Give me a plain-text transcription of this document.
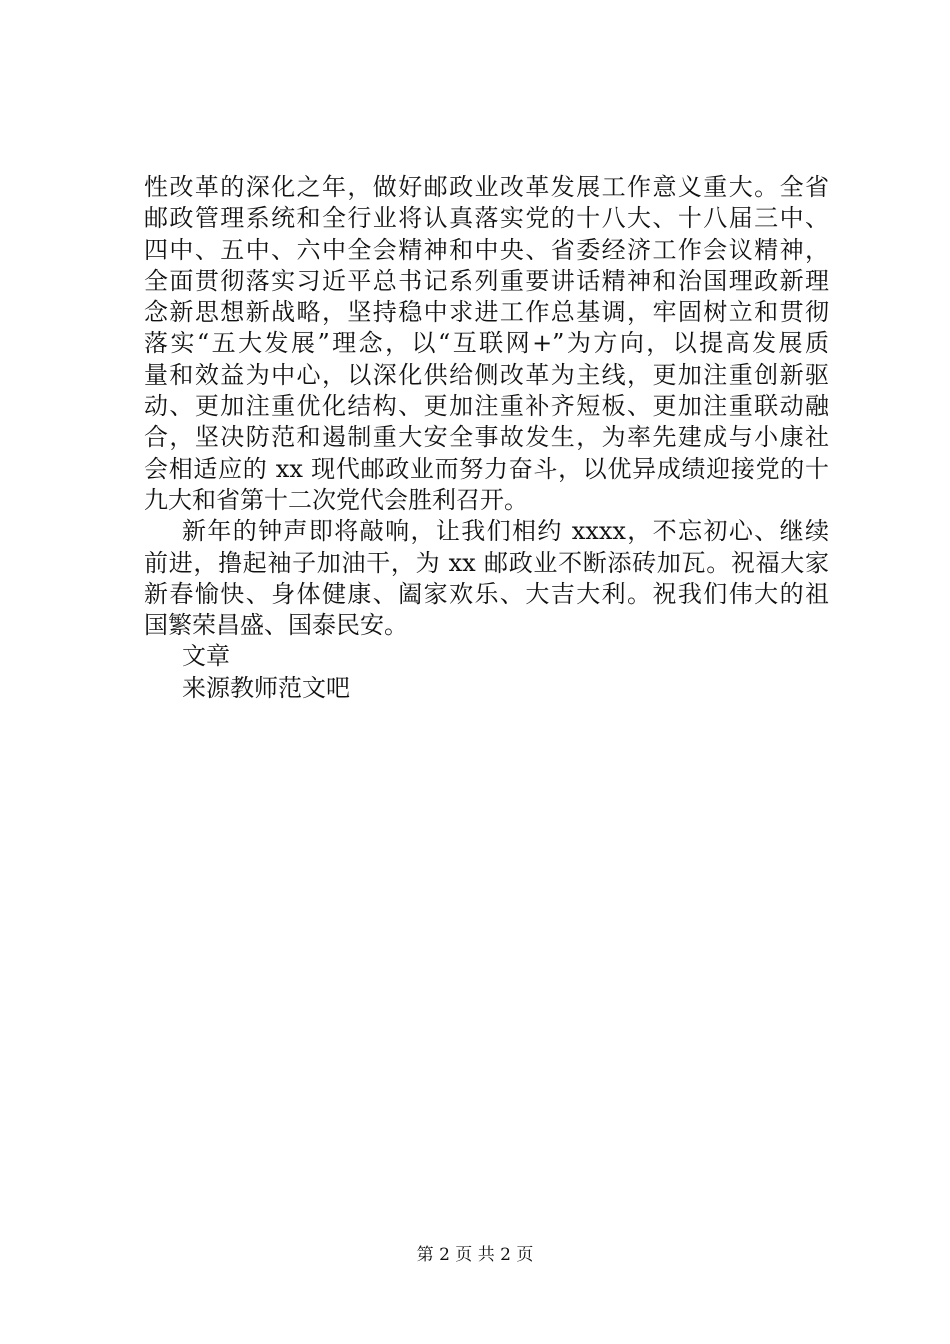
性改革的深化之年，做好邮政业改革发展工作意义重大。全省
邮政管理系统和全行业将认真落实党的十八大、十八届三中、
四中、五中、六中全会精神和中央、省委经济工作会议精神，
全面贯彻落实习近平总书记系列重要讲话精神和治国理政新理
念新思想新战略，坚持稳中求进工作总基调，牢固树立和贯彻
落实“五大发展”理念，以“互联网+”为方向，以提高发展质
量和效益为中心，以深化供给侧改革为主线，更加注重创新驱
动、更加注重优化结构、更加注重补齐短板、更加注重联动融
合，坚决防范和遏制重大安全事故发生，为率先建成与小康社
会相适应的 xx 现代邮政业而努力奋斗，以优异成绩迎接党的十
九大和省第十二次党代会胜利召开。
新年的钟声即将敲响，让我们相约 xxxx，不忘初心、继续
前进，撸起袖子加油干，为 xx 邮政业不断添砖加瓦。祝福大家
新春愉快、身体健康、阖家欢乐、大吉大利。祝我们伟大的祖
国繁荣昌盛、国泰民安。
文章
来源教师范文吧
第 2 页 共 2 页
